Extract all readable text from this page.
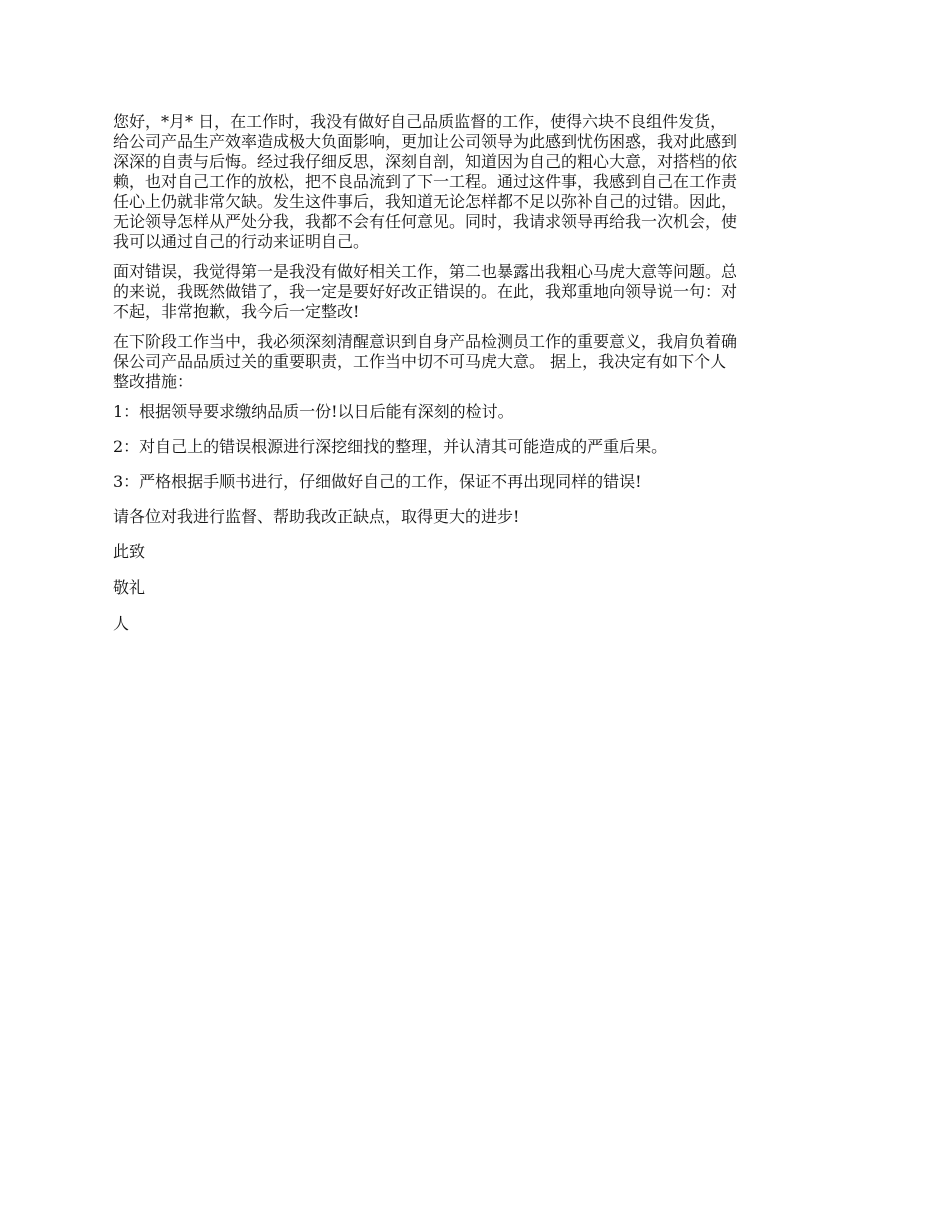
您好，*月* 日，在工作时，我没有做好自己品质监督的工作，使得六块不良组件发货，
给公司产品生产效率造成极大负面影响，更加让公司领导为此感到忧伤困惑，我对此感到
深深的自责与后悔。经过我仔细反思，深刻自剖，知道因为自己的粗心大意，对搭档的依
赖，也对自己工作的放松，把不良品流到了下一工程。通过这件事，我感到自己在工作责
任心上仍就非常欠缺。发生这件事后，我知道无论怎样都不足以弥补自己的过错。因此，
无论领导怎样从严处分我，我都不会有任何意见。同时，我请求领导再给我一次机会，使
我可以通过自己的行动来证明自己。
面对错误，我觉得第一是我没有做好相关工作，第二也暴露出我粗心马虎大意等问题。总
的来说，我既然做错了，我一定是要好好改正错误的。在此，我郑重地向领导说一句：对
不起，非常抱歉，我今后一定整改!
在下阶段工作当中，我必须深刻清醒意识到自身产品检测员工作的重要意义，我肩负着确
保公司产品品质过关的重要职责，工作当中切不可马虎大意。 据上，我决定有如下个人
整改措施：

1：根据领导要求缴纳品质一份!以日后能有深刻的检讨。

2：对自己上的错误根源进行深挖细找的整理，并认清其可能造成的严重后果。

3：严格根据手顺书进行，仔细做好自己的工作，保证不再出现同样的错误!

请各位对我进行监督、帮助我改正缺点，取得更大的进步!

此致

敬礼

人
